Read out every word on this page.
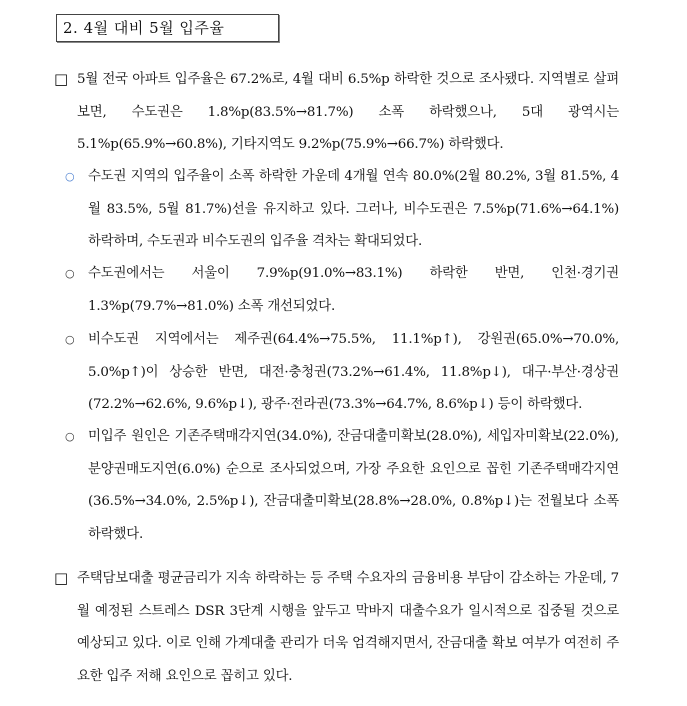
2. 4월 대비 5월 입주율
□ 5월 전국 아파트 입주율은 67.2%로, 4월 대비 6.5%p 하락한 것으로 조사됐다. 지역별로 살펴보면, 수도권은 1.8%p(83.5%→81.7%) 소폭 하락했으나, 5대 광역시는 5.1%p(65.9%→60.8%), 기타지역도 9.2%p(75.9%→66.7%) 하락했다.
○ 수도권 지역의 입주율이 소폭 하락한 가운데 4개월 연속 80.0%(2월 80.2%, 3월 81.5%, 4월 83.5%, 5월 81.7%)선을 유지하고 있다. 그러나, 비수도권은 7.5%p(71.6%→64.1%) 하락하며, 수도권과 비수도권의 입주율 격차는 확대되었다.
○ 수도권에서는 서울이 7.9%p(91.0%→83.1%) 하락한 반면, 인천·경기권 1.3%p(79.7%→81.0%) 소폭 개선되었다.
○ 비수도권 지역에서는 제주권(64.4%→75.5%, 11.1%p↑), 강원권(65.0%→70.0%, 5.0%p↑)이 상승한 반면, 대전·충청권(73.2%→61.4%, 11.8%p↓), 대구·부산·경상권(72.2%→62.6%, 9.6%p↓), 광주·전라권(73.3%→64.7%, 8.6%p↓) 등이 하락했다.
○ 미입주 원인은 기존주택매각지연(34.0%), 잔금대출미확보(28.0%), 세입자미확보(22.0%), 분양권매도지연(6.0%) 순으로 조사되었으며, 가장 주요한 요인으로 꼽힌 기존주택매각지연(36.5%→34.0%, 2.5%p↓), 잔금대출미확보(28.8%→28.0%, 0.8%p↓)는 전월보다 소폭 하락했다.
□ 주택담보대출 평균금리가 지속 하락하는 등 주택 수요자의 금융비용 부담이 감소하는 가운데, 7월 예정된 스트레스 DSR 3단계 시행을 앞두고 막바지 대출수요가 일시적으로 집중될 것으로 예상되고 있다. 이로 인해 가계대출 관리가 더욱 엄격해지면서, 잔금대출 확보 여부가 여전히 주요한 입주 저해 요인으로 꼽히고 있다.
